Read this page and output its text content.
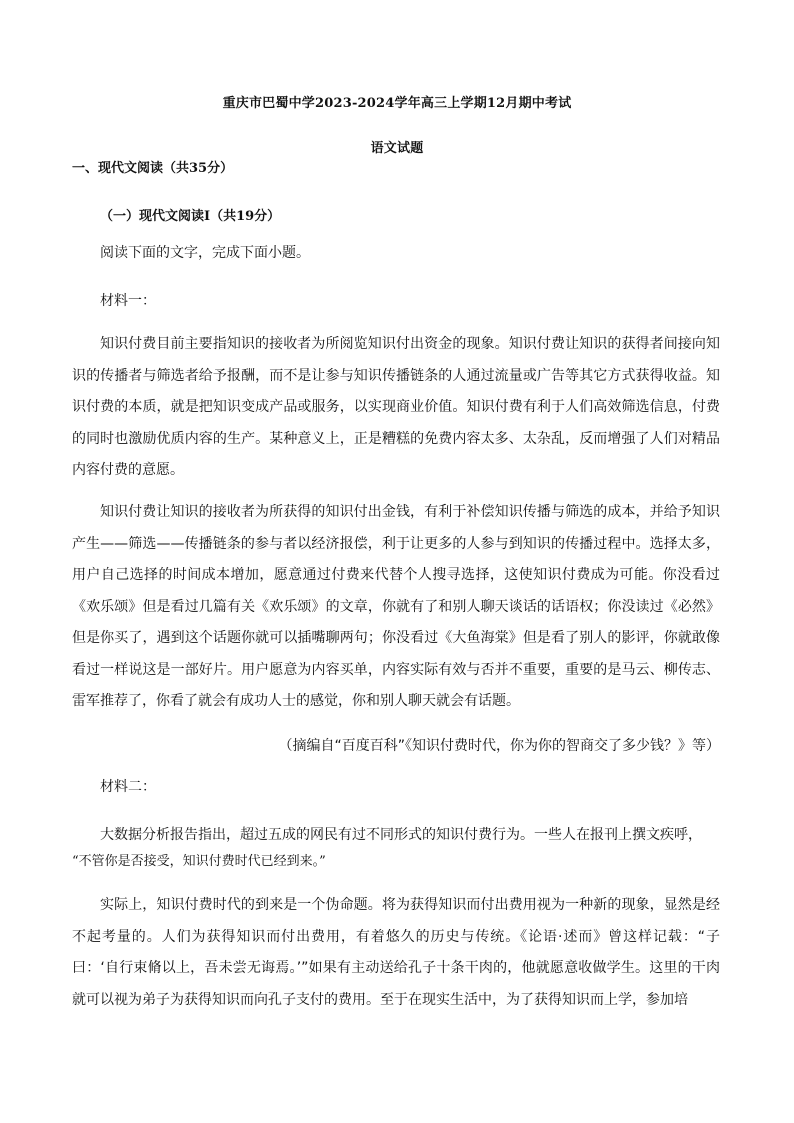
重庆市巴蜀中学2023-2024学年高三上学期12月期中考试
语文试题
一、现代文阅读（共35分）
（一）现代文阅读Ⅰ（共19分）
阅读下面的文字，完成下面小题。
材料一：
知识付费目前主要指知识的接收者为所阅览知识付出资金的现象。知识付费让知识的获得者间接向知识的传播者与筛选者给予报酬，而不是让参与知识传播链条的人通过流量或广告等其它方式获得收益。知识付费的本质，就是把知识变成产品或服务，以实现商业价值。知识付费有利于人们高效筛选信息，付费的同时也激励优质内容的生产。某种意义上，正是糟糕的免费内容太多、太杂乱，反而增强了人们对精品内容付费的意愿。
知识付费让知识的接收者为所获得的知识付出金钱，有利于补偿知识传播与筛选的成本，并给予知识产生——筛选——传播链条的参与者以经济报偿，利于让更多的人参与到知识的传播过程中。选择太多，用户自己选择的时间成本增加，愿意通过付费来代替个人搜寻选择，这使知识付费成为可能。你没看过《欢乐颂》但是看过几篇有关《欢乐颂》的文章，你就有了和别人聊天谈话的话语权；你没读过《必然》但是你买了，遇到这个话题你就可以插嘴聊两句；你没看过《大鱼海棠》但是看了别人的影评，你就敢像看过一样说这是一部好片。用户愿意为内容买单，内容实际有效与否并不重要，重要的是马云、柳传志、雷军推荐了，你看了就会有成功人士的感觉，你和别人聊天就会有话题。
（摘编自“百度百科”《知识付费时代，你为你的智商交了多少钱？》等）
材料二：
大数据分析报告指出，超过五成的网民有过不同形式的知识付费行为。一些人在报刊上撰文疾呼，
“不管你是否接受，知识付费时代已经到来。”
实际上，知识付费时代的到来是一个伪命题。将为获得知识而付出费用视为一种新的现象，显然是经不起考量的。人们为获得知识而付出费用，有着悠久的历史与传统。《论语·述而》曾这样记载：“子曰：‘自行束脩以上，吾未尝无诲焉。’”如果有主动送给孔子十条干肉的，他就愿意收做学生。这里的干肉就可以视为弟子为获得知识而向孔子支付的费用。至于在现实生活中，为了获得知识而上学，参加培
